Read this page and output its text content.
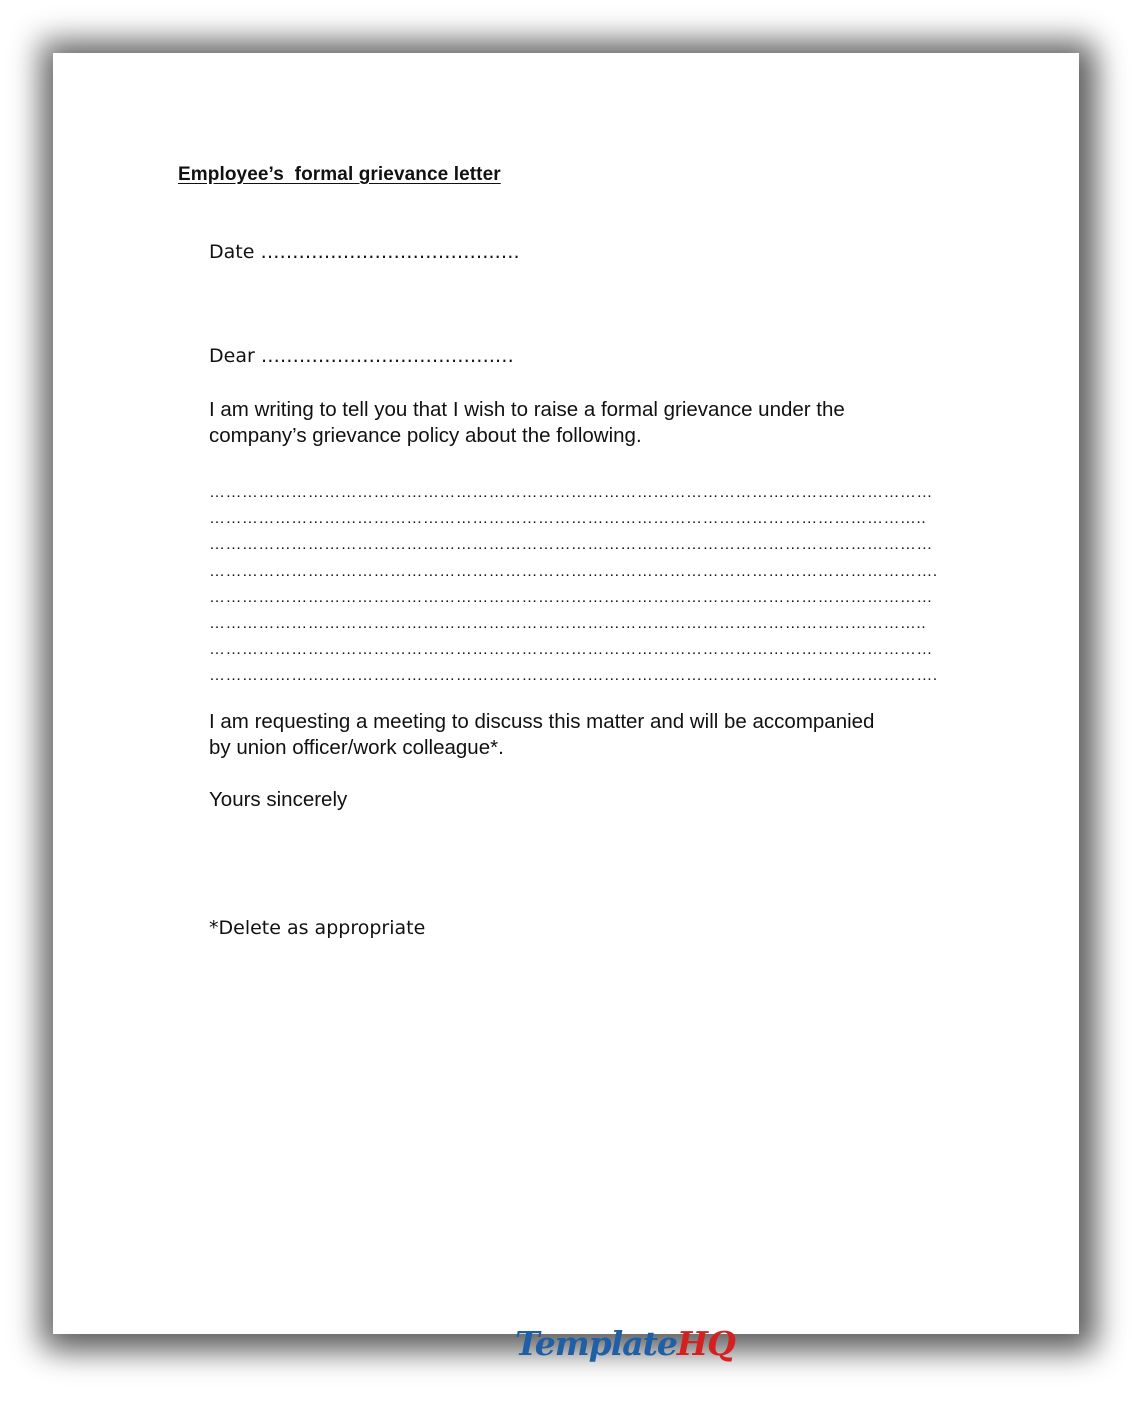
Employee’s  formal grievance letter
Date ……………………………….….
Dear ……………………………….…
I am writing to tell you that I wish to raise a formal grievance under the
company’s grievance policy about the following.
……………………………………………………………………………………………………………………
…………………………………………………………………………………………………………………..
……………………………………………………………………………………………………………………
…………………………………………………………………………………………………………………….
……………………………………………………………………………………………………………………
…………………………………………………………………………………………………………………..
……………………………………………………………………………………………………………………
…………………………………………………………………………………………………………………….
I am requesting a meeting to discuss this matter and will be accompanied
by union officer/work colleague*.
Yours sincerely
*Delete as appropriate

TemplateHQ
